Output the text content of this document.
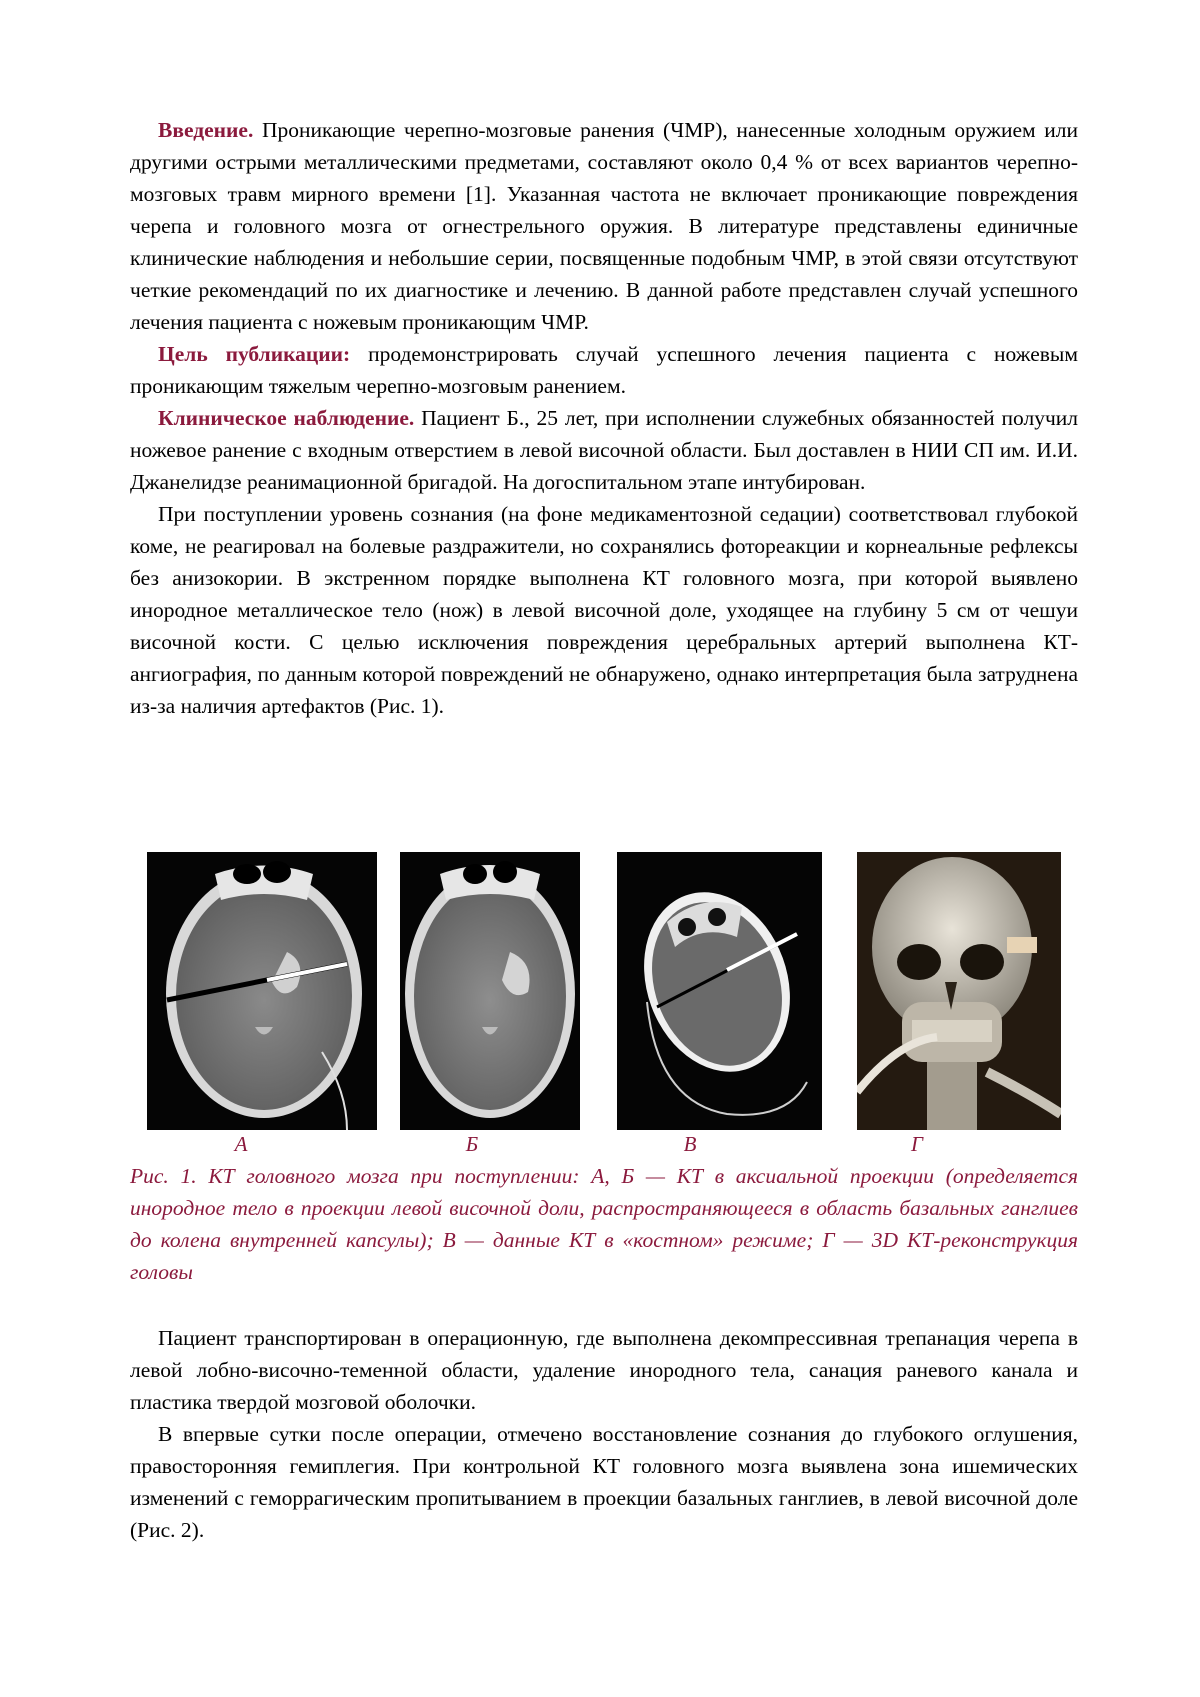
Введение. Проникающие черепно-мозговые ранения (ЧМР), нанесенные холодным оружием или другими острыми металлическими предметами, составляют около 0,4 % от всех вариантов черепно-мозговых травм мирного времени [1]. Указанная частота не включает проникающие повреждения черепа и головного мозга от огнестрельного оружия. В литературе представлены единичные клинические наблюдения и небольшие серии, посвященные подобным ЧМР, в этой связи отсутствуют четкие рекомендаций по их диагностике и лечению. В данной работе представлен случай успешного лечения пациента с ножевым проникающим ЧМР.

Цель публикации: продемонстрировать случай успешного лечения пациента с ножевым проникающим тяжелым черепно-мозговым ранением.

Клиническое наблюдение. Пациент Б., 25 лет, при исполнении служебных обязанностей получил ножевое ранение с входным отверстием в левой височной области. Был доставлен в НИИ СП им. И.И. Джанелидзе реанимационной бригадой. На догоспитальном этапе интубирован.

При поступлении уровень сознания (на фоне медикаментозной седации) соответствовал глубокой коме, не реагировал на болевые раздражители, но сохранялись фотореакции и корнеальные рефлексы без анизокории. В экстренном порядке выполнена КТ головного мозга, при которой выявлено инородное металлическое тело (нож) в левой височной доле, уходящее на глубину 5 см от чешуи височной кости. С целью исключения повреждения церебральных артерий выполнена КТ-ангиография, по данным которой повреждений не обнаружено, однако интерпретация была затруднена из-за наличия артефактов (Рис. 1).

А	Б	В	Г

Рис. 1. КТ головного мозга при поступлении: А, Б — КТ в аксиальной проекции (определяется инородное тело в проекции левой височной доли, распространяющееся в область базальных ганглиев до колена внутренней капсулы); В — данные КТ в «костном» режиме; Г — 3D КТ-реконструкция головы

Пациент транспортирован в операционную, где выполнена декомпрессивная трепанация черепа в левой лобно-височно-теменной области, удаление инородного тела, санация раневого канала и пластика твердой мозговой оболочки.

В впервые сутки после операции, отмечено восстановление сознания до глубокого оглушения, правосторонняя гемиплегия. При контрольной КТ головного мозга выявлена зона ишемических изменений с геморрагическим пропитыванием в проекции базальных ганглиев, в левой височной доле (Рис. 2).
